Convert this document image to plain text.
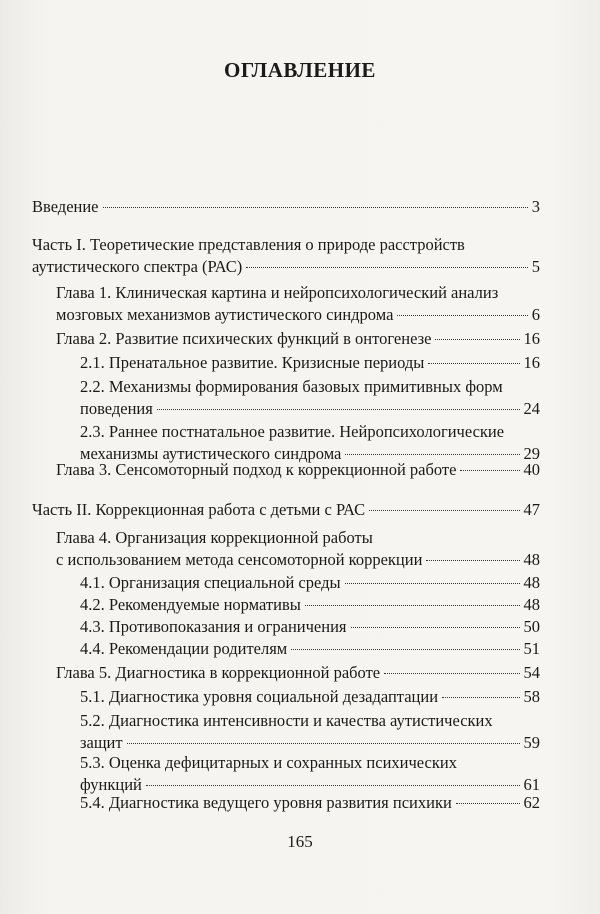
ОГЛАВЛЕНИЕ
Введение	3
Часть I. Теоретические представления о природе расстройств
аутистического спектра (РАС)	5
Глава 1. Клиническая картина и нейропсихологический анализ
мозговых механизмов аутистического синдрома	6
Глава 2. Развитие психических функций в онтогенезе	16
2.1. Пренатальное развитие. Кризисные периоды	16
2.2. Механизмы формирования базовых примитивных форм
поведения	24
2.3. Раннее постнатальное развитие. Нейропсихологические
механизмы аутистического синдрома	29
Глава 3. Сенсомоторный подход к коррекционной работе	40
Часть II. Коррекционная работа с детьми с РАС	47
Глава 4. Организация коррекционной работы
с использованием метода сенсомоторной коррекции	48
4.1. Организация специальной среды	48
4.2. Рекомендуемые нормативы	48
4.3. Противопоказания и ограничения	50
4.4. Рекомендации родителям	51
Глава 5. Диагностика в коррекционной работе	54
5.1. Диагностика уровня социальной дезадаптации	58
5.2. Диагностика интенсивности и качества аутистических
защит	59
5.3. Оценка дефицитарных и сохранных психических
функций	61
5.4. Диагностика ведущего уровня развития психики	62
165
